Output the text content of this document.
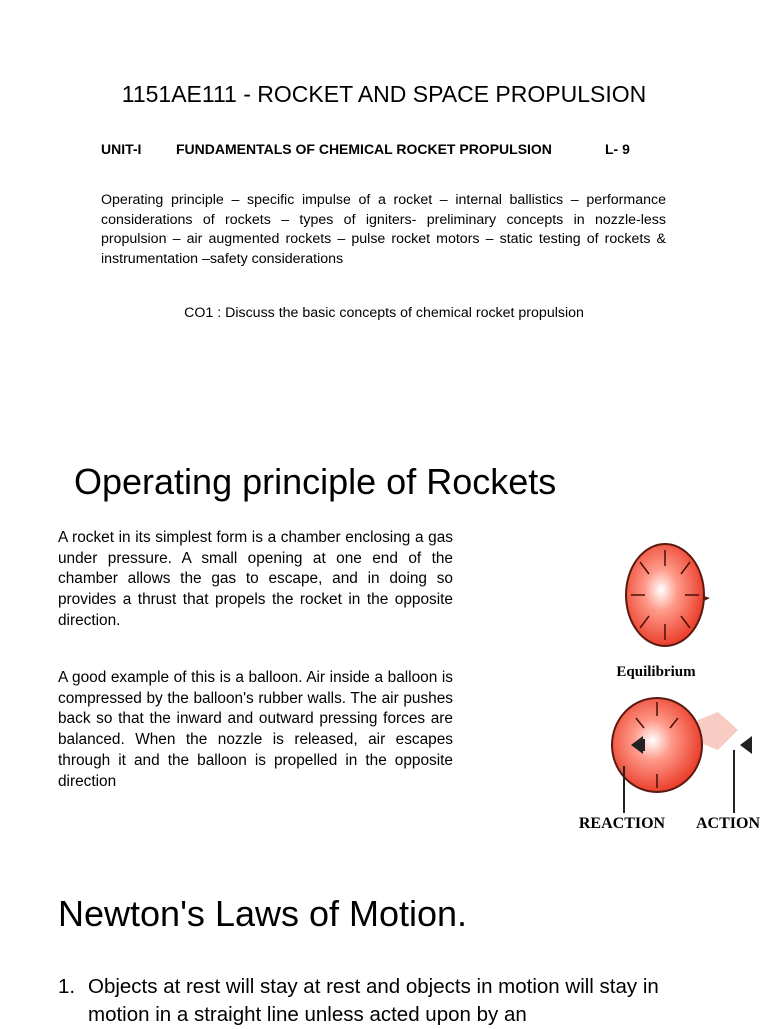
1151AE111 - ROCKET AND SPACE PROPULSION
UNIT-I FUNDAMENTALS OF CHEMICAL ROCKET PROPULSION	L- 9
Operating principle – specific impulse of a rocket – internal ballistics – performance considerations of rockets – types of igniters- preliminary concepts in nozzle-less propulsion – air augmented rockets – pulse rocket motors – static testing of rockets & instrumentation –safety considerations
CO1 : Discuss the basic concepts of chemical rocket propulsion
Operating principle of Rockets
A rocket in its simplest form is a chamber enclosing a gas under pressure. A small opening at one end of the chamber allows the gas to escape, and in doing so provides a thrust that propels the rocket in the opposite direction.
A good example of this is a balloon. Air inside a balloon is compressed by the balloon's rubber walls. The air pushes back so that the inward and outward pressing forces are balanced. When the nozzle is released, air escapes through it and the balloon is propelled in the opposite direction
Equilibrium
REACTION ACTION
Newton's Laws of Motion.
1. Objects at rest will stay at rest and objects in motion will stay in motion in a straight line unless acted upon by an
